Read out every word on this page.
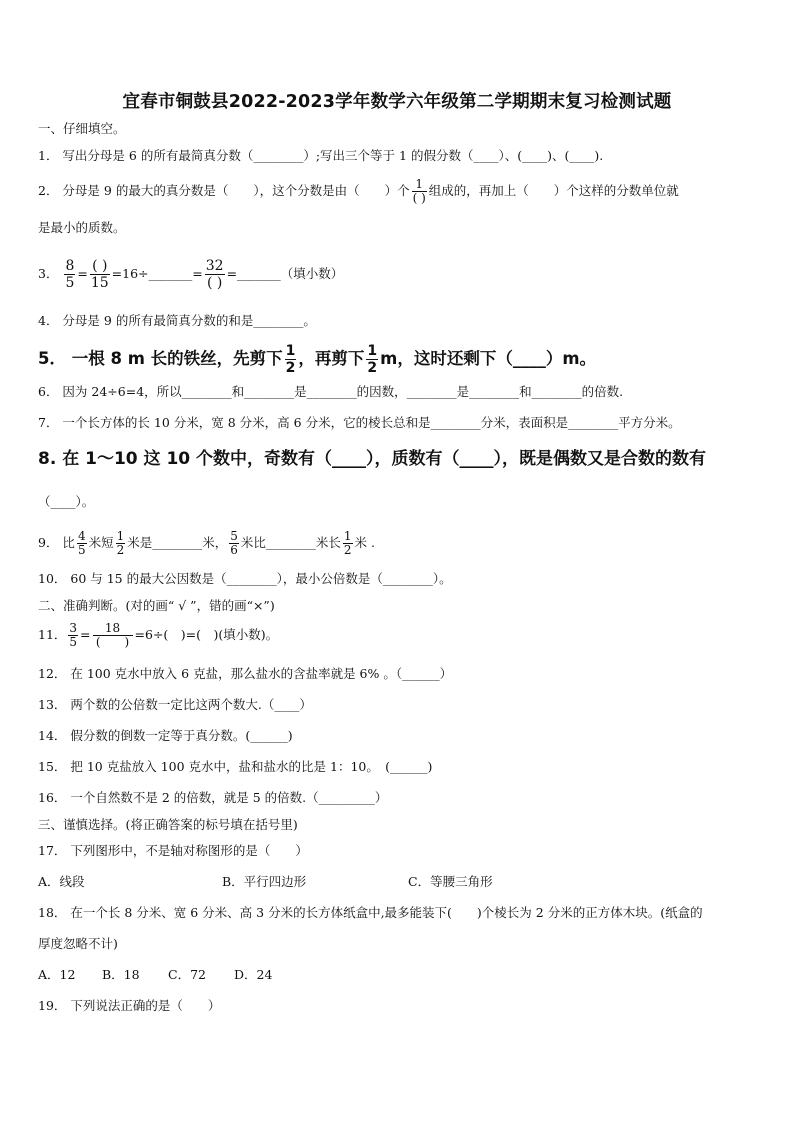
宜春市铜鼓县2022-2023学年数学六年级第二学期期末复习检测试题
一、仔细填空。
1． 写出分母是 6 的所有最简真分数（________）;写出三个等于 1 的假分数（____）、(____)、(____).
2． 分母是 9 的最大的真分数是（　　），这个分数是由（　　）个 $\frac{1}{( )}$ 组成的，再加上（　　）个这样的分数单位就
是最小的质数。
3． $\frac{8}{5} = \frac{( )}{15}$ =16÷_______= $\frac{32}{( )}$ =_______（填小数）
4． 分母是 9 的所有最简真分数的和是________。
5． 一根 8 m 长的铁丝，先剪下 $\frac{1}{2}$ ，再剪下 $\frac{1}{2}$ m，这时还剩下（____）m。
6． 因为 24÷6=4，所以________和________是________的因数，________是________和________的倍数.
7． 一个长方体的长 10 分米，宽 8 分米，高 6 分米，它的棱长总和是________分米，表面积是________平方分米。
8. 在 1～10 这 10 个数中，奇数有（____），质数有（____），既是偶数又是合数的数有
（____）。
9． 比 $\frac{4}{5}$ 米短 $\frac{1}{2}$ 米是________米， $\frac{5}{6}$ 米比________米长 $\frac{1}{2}$ 米 .
10． 60 与 15 的最大公因数是（________），最小公倍数是（________）。
二、准确判断。(对的画“ √ ”，错的画“×”)
11． $\frac{3}{5} = \frac{18}{( )} =6\div$(　)=(　)(填小数)。
12． 在 100 克水中放入 6 克盐，那么盐水的含盐率就是 6% 。（______）
13． 两个数的公倍数一定比这两个数大.（____）
14． 假分数的倒数一定等于真分数。(______)
15． 把 10 克盐放入 100 克水中，盐和盐水的比是 1：10。　(______)
16． 一个自然数不是 2 的倍数，就是 5 的倍数.（_________）
三、谨慎选择。(将正确答案的标号填在括号里)
17． 下列图形中，不是轴对称图形的是（　　）
A．线段	B．平行四边形	C．等腰三角形
18． 在一个长 8 分米、宽 6 分米、高 3 分米的长方体纸盒中,最多能装下(　　)个棱长为 2 分米的正方体木块。(纸盒的
厚度忽略不计)
A．12 B．18 C．72 D．24
19． 下列说法正确的是（　　）
